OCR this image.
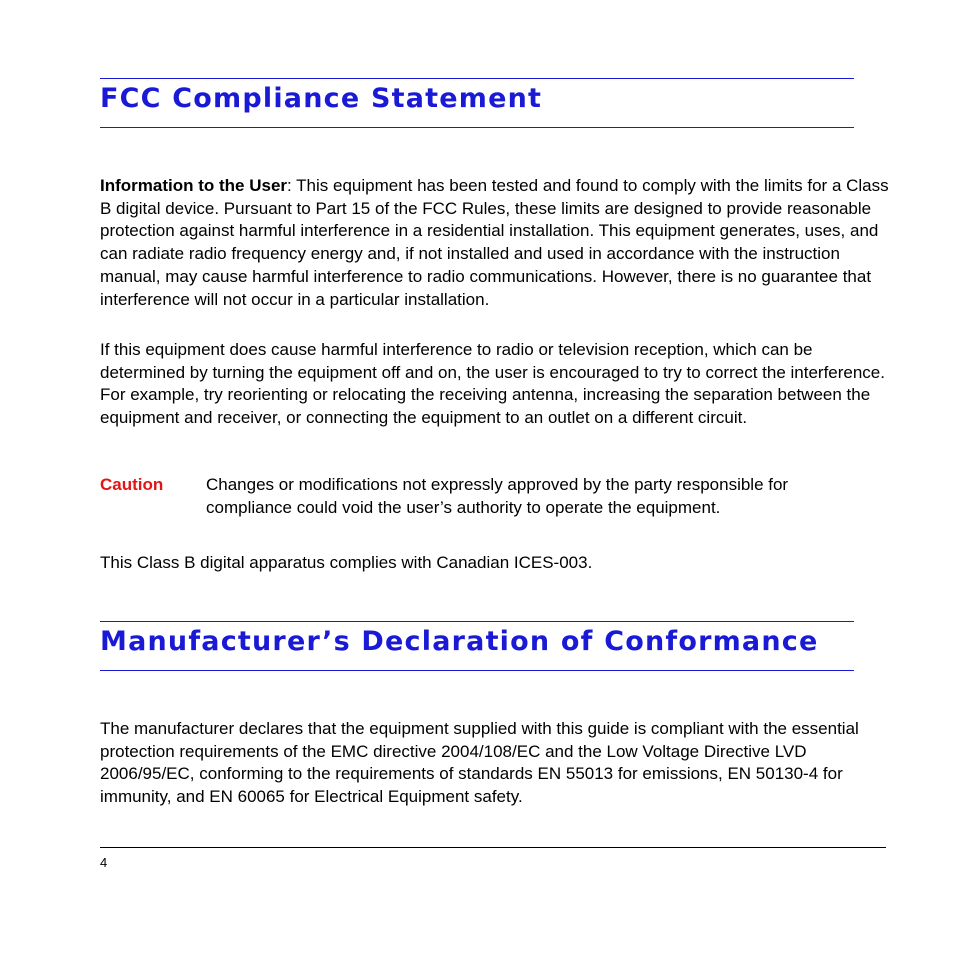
FCC Compliance Statement

Information to the User: This equipment has been tested and found to comply with the limits for a Class B digital device. Pursuant to Part 15 of the FCC Rules, these limits are designed to provide reasonable protection against harmful interference in a residential installation. This equipment generates, uses, and can radiate radio frequency energy and, if not installed and used in accordance with the instruction manual, may cause harmful interference to radio communications. However, there is no guarantee that interference will not occur in a particular installation.

If this equipment does cause harmful interference to radio or television reception, which can be determined by turning the equipment off and on, the user is encouraged to try to correct the interference. For example, try reorienting or relocating the receiving antenna, increasing the separation between the equipment and receiver, or connecting the equipment to an outlet on a different circuit.

Caution	Changes or modifications not expressly approved by the party responsible for compliance could void the user’s authority to operate the equipment.

This Class B digital apparatus complies with Canadian ICES-003.

Manufacturer’s Declaration of Conformance

The manufacturer declares that the equipment supplied with this guide is compliant with the essential protection requirements of the EMC directive 2004/108/EC and the Low Voltage Directive LVD 2006/95/EC, conforming to the requirements of standards EN 55013 for emissions, EN 50130-4 for immunity, and EN 60065 for Electrical Equipment safety.

4
